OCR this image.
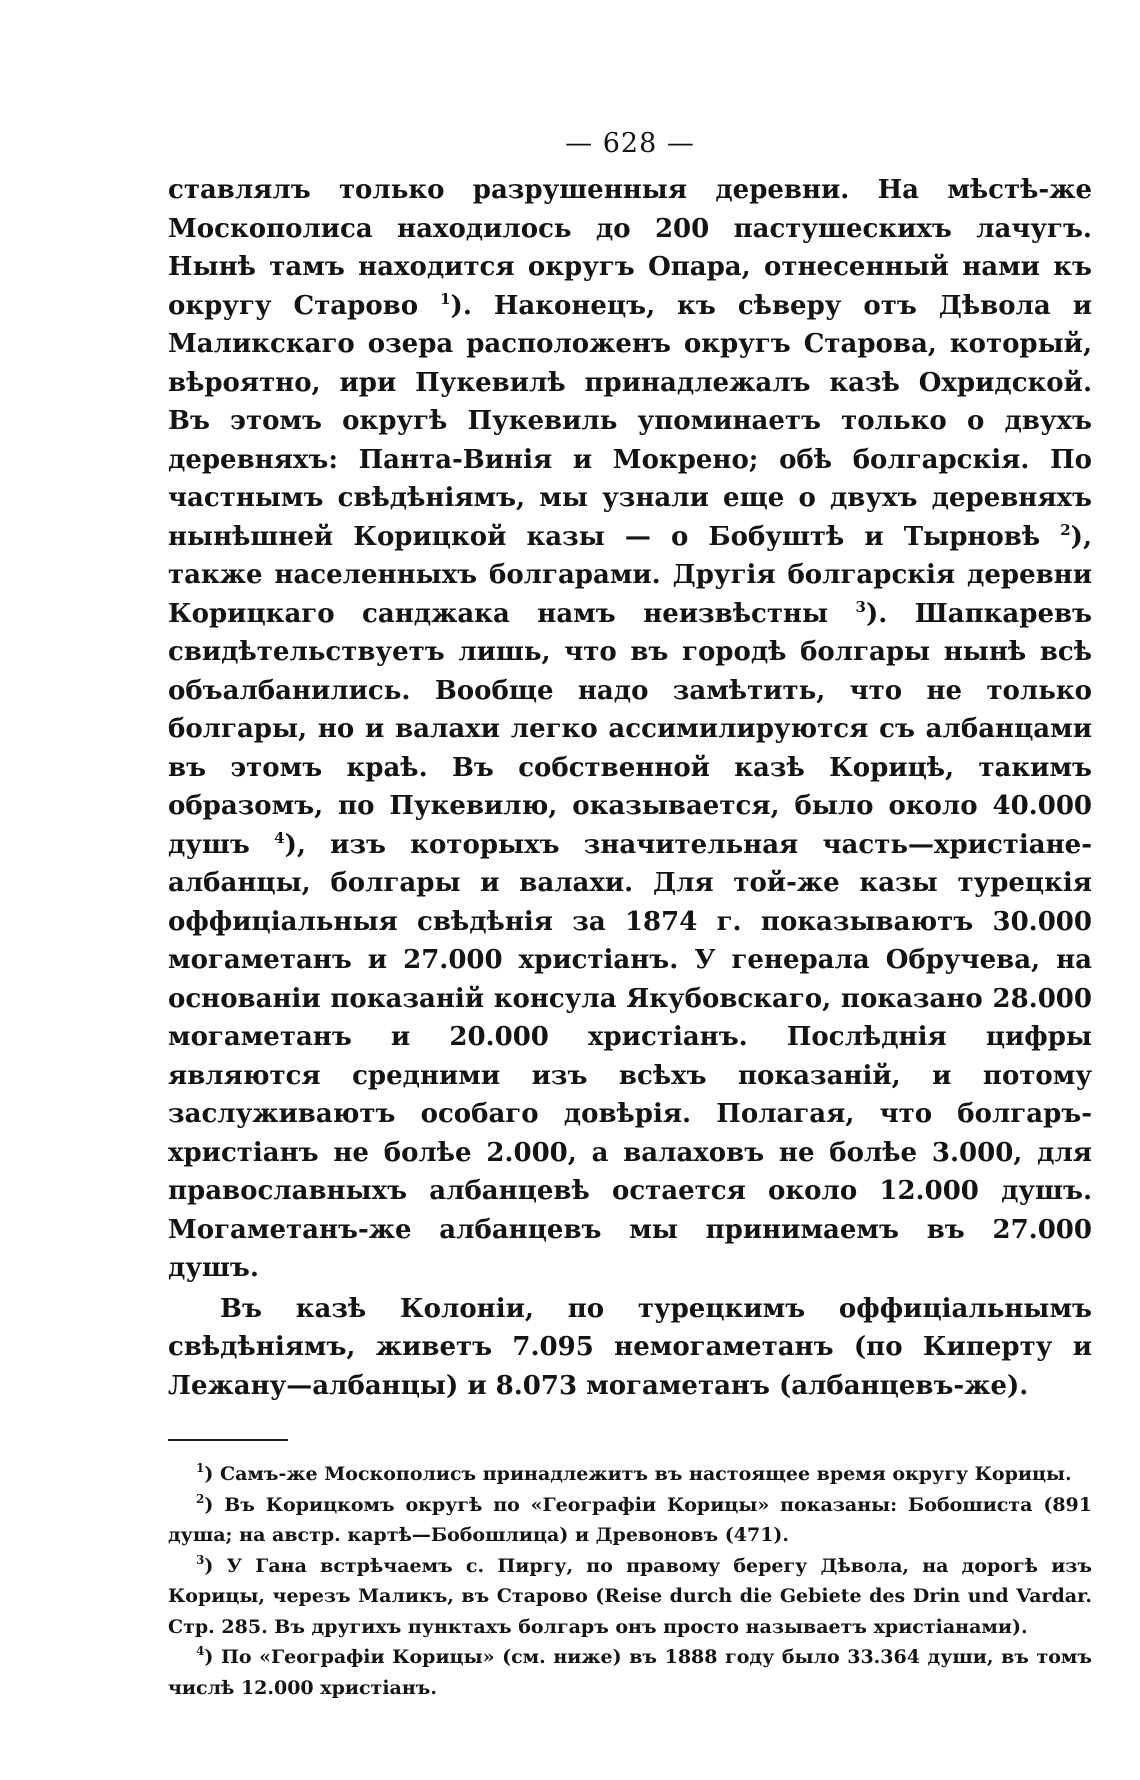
— 628 —

ставлялъ только разрушенныя деревни. На мѣстѣ-же Москопoлиса находилось до 200 пастушескихъ лачугъ. Нынѣ тамъ находится округъ Опара, отнесенный нами къ округу Старово $^1$). Наконецъ, къ сѣверу отъ Дѣвола и Маликскаго озера расположенъ округъ Старова, который, вѣроятно, ири Пукевилѣ принадлежалъ казѣ Охридской. Въ этомъ округѣ Пукевиль упоминаетъ только о двухъ деревняхъ: Панта-Винія и Мокрено; обѣ болгарскія. По частнымъ свѣдѣніямъ, мы узнали еще о двухъ деревняхъ нынѣшней Корицкой казы — о Бобуштѣ и Тырновѣ $^2$), также населенныхъ болгарами. Другія болгарскія деревни Корицкаго санджака намъ неизвѣстны $^3$). Шапкаревъ свидѣтельствуетъ лишь, что въ городѣ болгары нынѣ всѣ объалбанились. Вообще надо замѣтить, что не только болгары, но и валахи легко ассимилируются съ албанцами въ этомъ краѣ. Въ собственной казѣ Корицѣ, такимъ образомъ, по Пукевилю, оказывается, было около 40.000 душъ $^4$), изъ которыхъ значительная часть—христіане-албанцы, болгары и валахи. Для той-же казы турецкія оффиціальныя свѣдѣнія за 1874 г. показываютъ 30.000 могаметанъ и 27.000 христіанъ. У генерала Обручева, на основаніи показаній консула Якубовскаго, показано 28.000 могаметанъ и 20.000 христіанъ. Послѣднія цифры являются средними изъ всѣхъ показаній, и потому заслуживаютъ особаго довѣрія. Полагая, что болгаръ-христіанъ не болѣе 2.000, а валаховъ не болѣе 3.000, для православныхъ албанцевѣ остается около 12.000 душъ. Могаметанъ-же албанцевъ мы принимаемъ въ 27.000 душъ.

Въ казѣ Колоніи, по турецкимъ оффиціальнымъ свѣдѣніямъ, живетъ 7.095 немогаметанъ (по Киперту и Лежану—албанцы) и 8.073 могаметанъ (албанцевъ-же).

$^1$) Самъ-же Москополисъ принадлежитъ въ настоящее время округу Корицы.

$^2$) Въ Корицкомъ округѣ по «Географіи Корицы» показаны: Бобошиста (891 душа; на австр. картѣ—Бобошлица) и Древоновъ (471).

$^3$) У Гана встрѣчаемъ с. Пиргу, по правому берегу Дѣвола, на дорогѣ изъ Корицы, черезъ Маликъ, въ Старово (Reise durch die Gebiete des Drin und Vardar. Стр. 285. Въ другихъ пунктахъ болгаръ онъ просто называетъ христіанами).

$^4$) По «Географіи Корицы» (см. ниже) въ 1888 году было 33.364 души, въ томъ числѣ 12.000 христіанъ.
